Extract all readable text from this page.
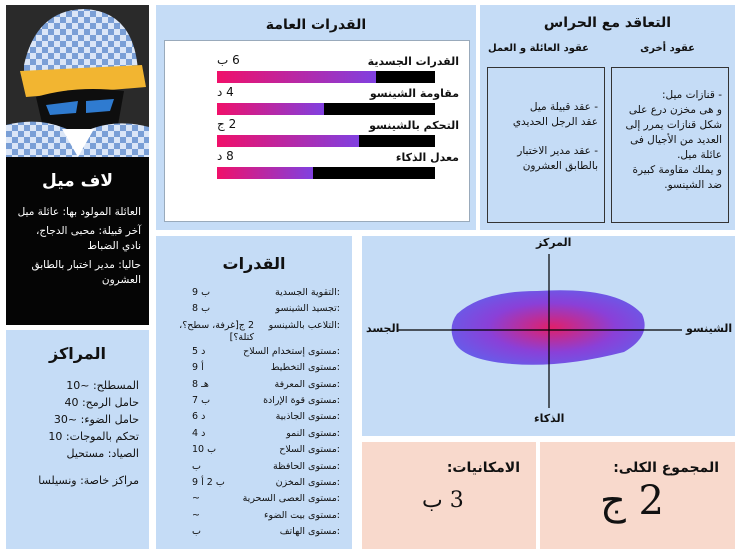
لاف ميل
العائلة المولود بها: عائلة ميل
آخر قبيلة: محبى الدجاج، نادي الضباط
حاليا: مدير اختبار بالطابق العشرون
المراكز
المسطلح: ~10
حامل الرمح: 40
حامل الضوء: ~30
تحكم بالموجات: 10
الصياد: مستحيل
مراكز خاصة: ونسيلسا
القدرات العامة
القدرات الجسدية
6 ب
مقاومة الشينسو
4 د
التحكم بالشينسو
2 ج
معدل الذكاء
8 د
التعاقد مع الحراس
عقود أخرى
عقود العائلة و العمل
- قنازات ميل:
و هى مخزن درع على شكل قنازات يمرر إلى العديد من الأجيال فى عائلة ميل.
و يملك مقاومة كبيرة ضد الشينسو.
- عقد قبيلة ميل
عقد الرجل الحديدي
- عقد مدير الاختبار بالطابق العشرون
القدرات
التقوية الجسدية:
9 ب
تجسيد الشينسو:
8 ب
التلاعب بالشينسو:
2 ج[غرفة، سطح؟، كتلة؟]
مستوى إستخدام السلاح:
5 د
مستوى التخطيط:
9 أ
مستوى المعرفة:
8 هـ
مستوى قوة الإرادة:
7 ب
مستوى الجاذبية:
6 د
مستوى النمو:
4 د
مستوى السلاح:
10 ب
مستوى الحافظة:
ب
مستوى المخزن:
9 ب 2 أ
مستوى العصى السحرية:
~
مستوى بيت الضوء:
~
مستوى الهاتف:
ب
المركز
الذكاء
الجسد	الشينسو
الامكانيات:
3 ب
المجموع الكلى:
2 ج
